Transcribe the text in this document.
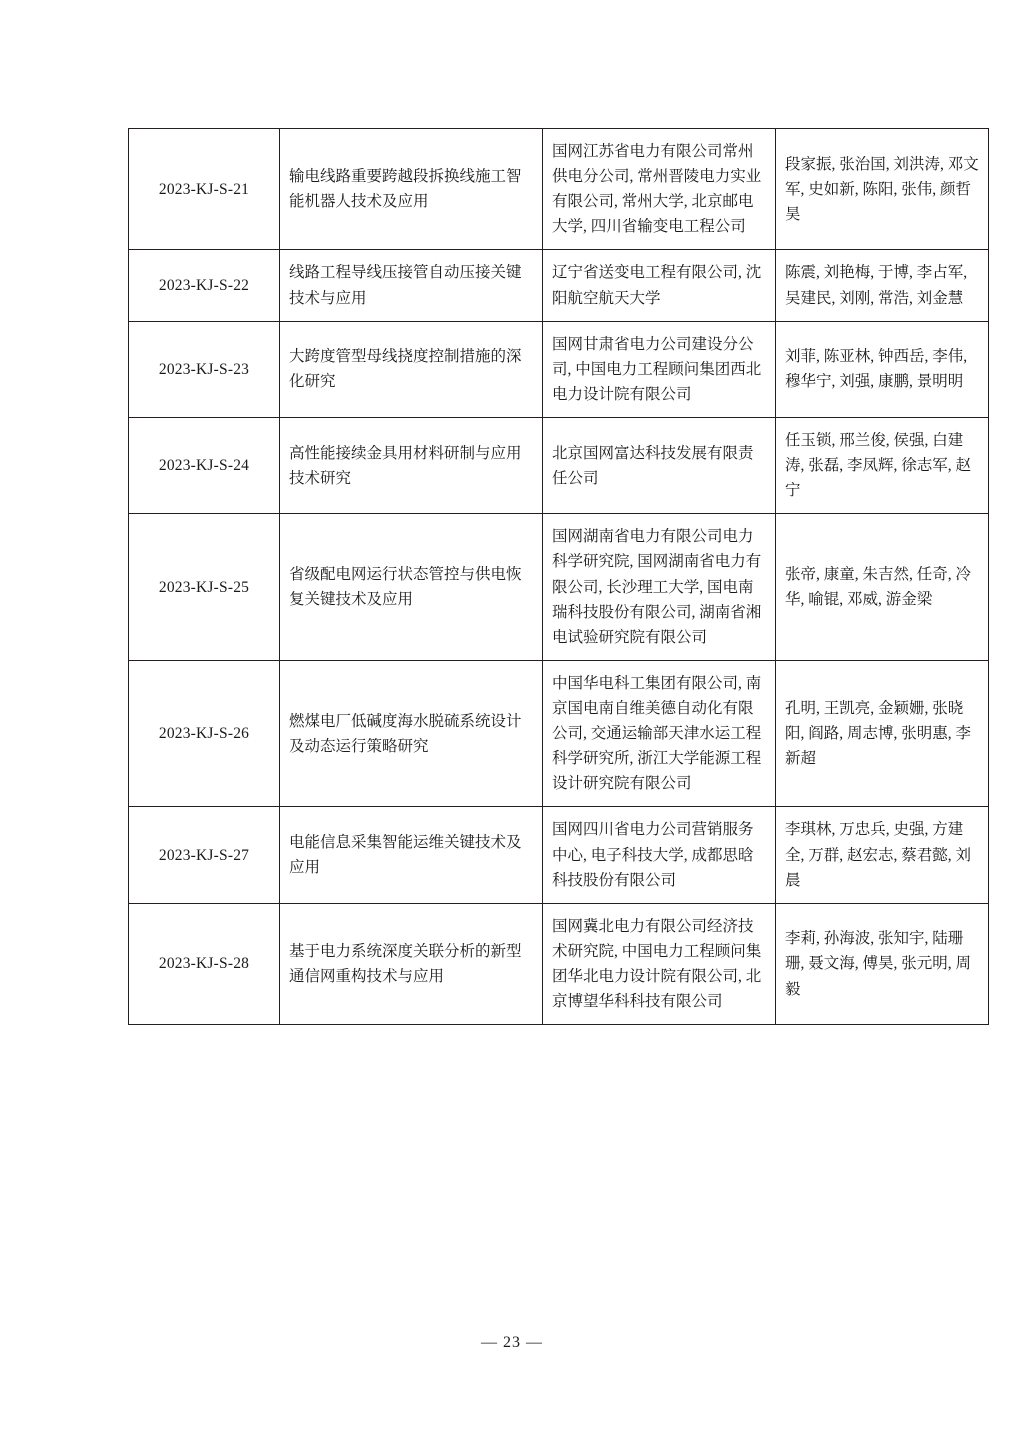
2023-KJ-S-21	输电线路重要跨越段拆换线施工智能机器人技术及应用	国网江苏省电力有限公司常州供电分公司, 常州晋陵电力实业有限公司, 常州大学, 北京邮电大学, 四川省输变电工程公司	段家振, 张治国, 刘洪涛, 邓文军, 史如新, 陈阳, 张伟, 颜哲昊
2023-KJ-S-22	线路工程导线压接管自动压接关键技术与应用	辽宁省送变电工程有限公司, 沈阳航空航天大学	陈震, 刘艳梅, 于博, 李占军, 吴建民, 刘刚, 常浩, 刘金慧
2023-KJ-S-23	大跨度管型母线挠度控制措施的深化研究	国网甘肃省电力公司建设分公司, 中国电力工程顾问集团西北电力设计院有限公司	刘菲, 陈亚林, 钟西岳, 李伟, 穆华宁, 刘强, 康鹏, 景明明
2023-KJ-S-24	高性能接续金具用材料研制与应用技术研究	北京国网富达科技发展有限责任公司	任玉锁, 邢兰俊, 侯强, 白建涛, 张磊, 李凤辉, 徐志军, 赵宁
2023-KJ-S-25	省级配电网运行状态管控与供电恢复关键技术及应用	国网湖南省电力有限公司电力科学研究院, 国网湖南省电力有限公司, 长沙理工大学, 国电南瑞科技股份有限公司, 湖南省湘电试验研究院有限公司	张帝, 康童, 朱吉然, 任奇, 冷华, 喻锟, 邓威, 游金梁
2023-KJ-S-26	燃煤电厂低碱度海水脱硫系统设计及动态运行策略研究	中国华电科工集团有限公司, 南京国电南自维美德自动化有限公司, 交通运输部天津水运工程科学研究所, 浙江大学能源工程设计研究院有限公司	孔明, 王凯亮, 金颖姗, 张晓阳, 阎路, 周志博, 张明惠, 李新超
2023-KJ-S-27	电能信息采集智能运维关键技术及应用	国网四川省电力公司营销服务中心, 电子科技大学, 成都思晗科技股份有限公司	李琪林, 万忠兵, 史强, 方建全, 万群, 赵宏志, 蔡君懿, 刘晨
2023-KJ-S-28	基于电力系统深度关联分析的新型通信网重构技术与应用	国网冀北电力有限公司经济技术研究院, 中国电力工程顾问集团华北电力设计院有限公司, 北京博望华科科技有限公司	李莉, 孙海波, 张知宇, 陆珊珊, 聂文海, 傅昊, 张元明, 周毅
— 23 —
